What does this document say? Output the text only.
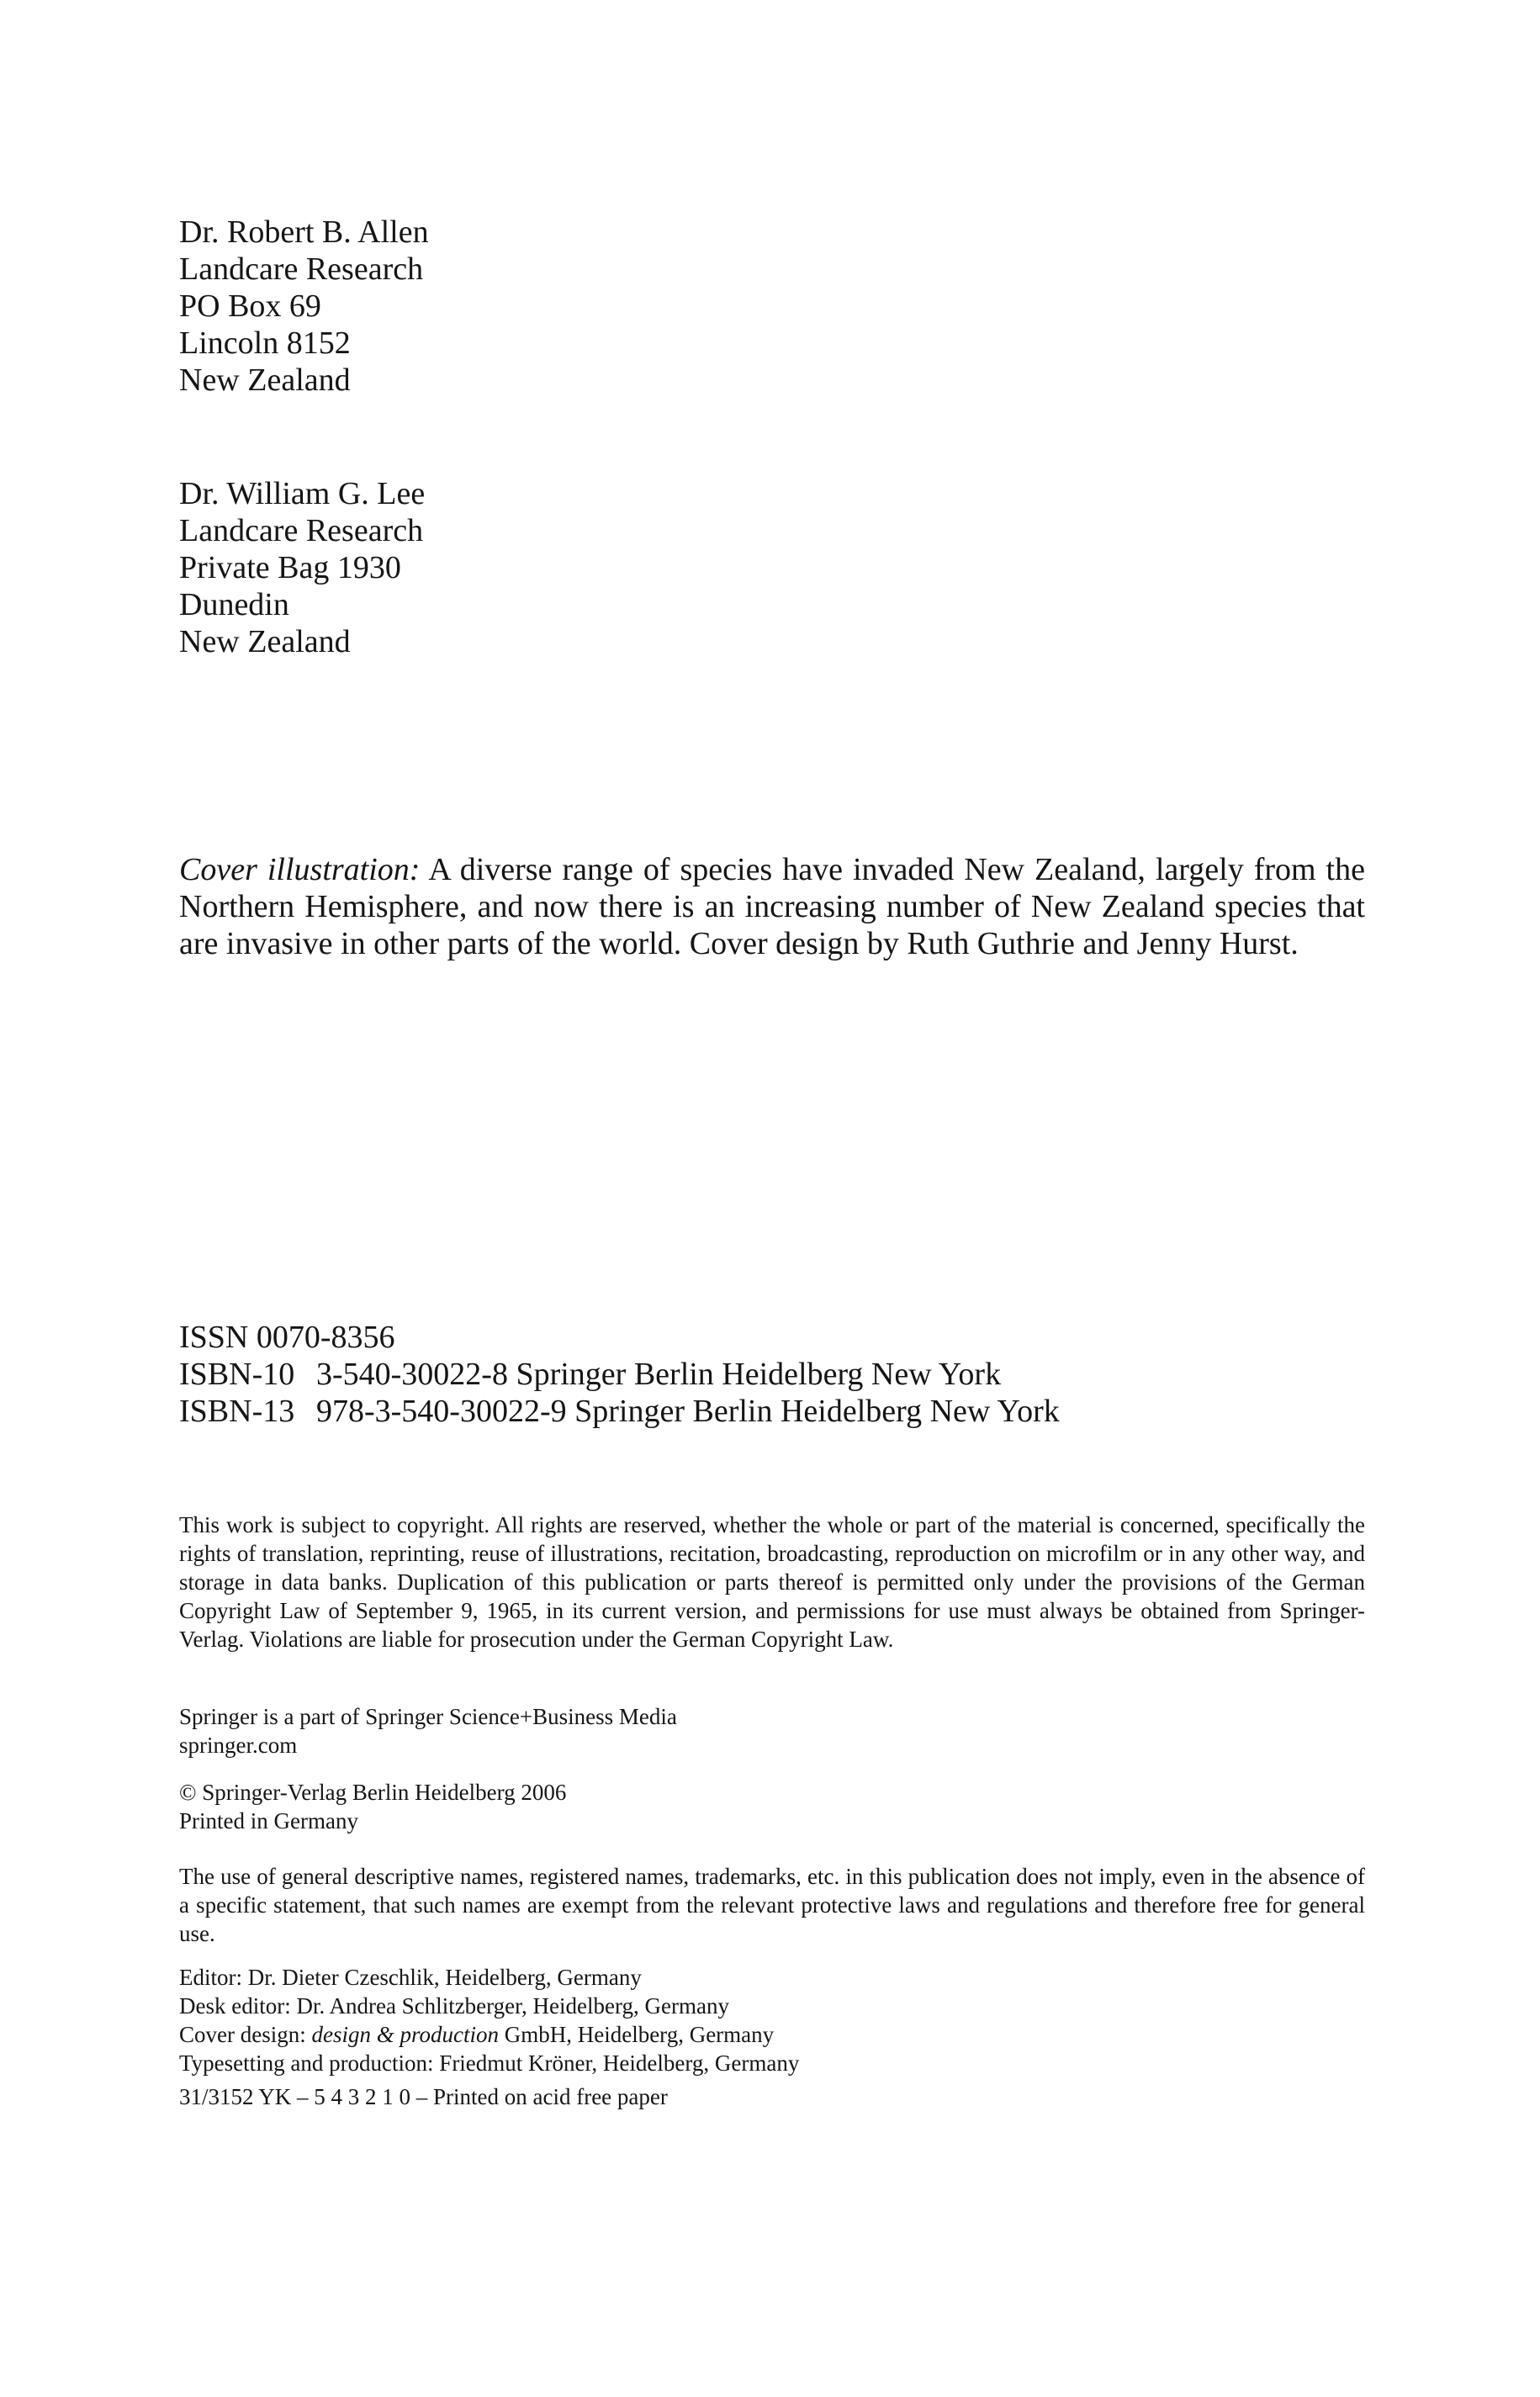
Dr. Robert B. Allen
Landcare Research
PO Box 69
Lincoln 8152
New Zealand
Dr. William G. Lee
Landcare Research
Private Bag 1930
Dunedin
New Zealand
Cover illustration: A diverse range of species have invaded New Zealand, largely from the Northern Hemisphere, and now there is an increasing number of New Zealand species that are invasive in other parts of the world. Cover design by Ruth Guthrie and Jenny Hurst.
ISSN 0070-8356
ISBN-10 3-540-30022-8 Springer Berlin Heidelberg New York
ISBN-13 978-3-540-30022-9 Springer Berlin Heidelberg New York
This work is subject to copyright. All rights are reserved, whether the whole or part of the material is concerned, specifically the rights of translation, reprinting, reuse of illustrations, recitation, broadcasting, reproduction on microfilm or in any other way, and storage in data banks. Duplication of this publication or parts thereof is permitted only under the provisions of the German Copyright Law of September 9, 1965, in its current version, and permissions for use must always be obtained from Springer-Verlag. Violations are liable for prosecution under the German Copyright Law.
Springer is a part of Springer Science+Business Media
springer.com
© Springer-Verlag Berlin Heidelberg 2006
Printed in Germany
The use of general descriptive names, registered names, trademarks, etc. in this publication does not imply, even in the absence of a specific statement, that such names are exempt from the relevant protective laws and regulations and therefore free for general use.
Editor: Dr. Dieter Czeschlik, Heidelberg, Germany
Desk editor: Dr. Andrea Schlitzberger, Heidelberg, Germany
Cover design: design & production GmbH, Heidelberg, Germany
Typesetting and production: Friedmut Kröner, Heidelberg, Germany
31/3152 YK – 5 4 3 2 1 0 – Printed on acid free paper
